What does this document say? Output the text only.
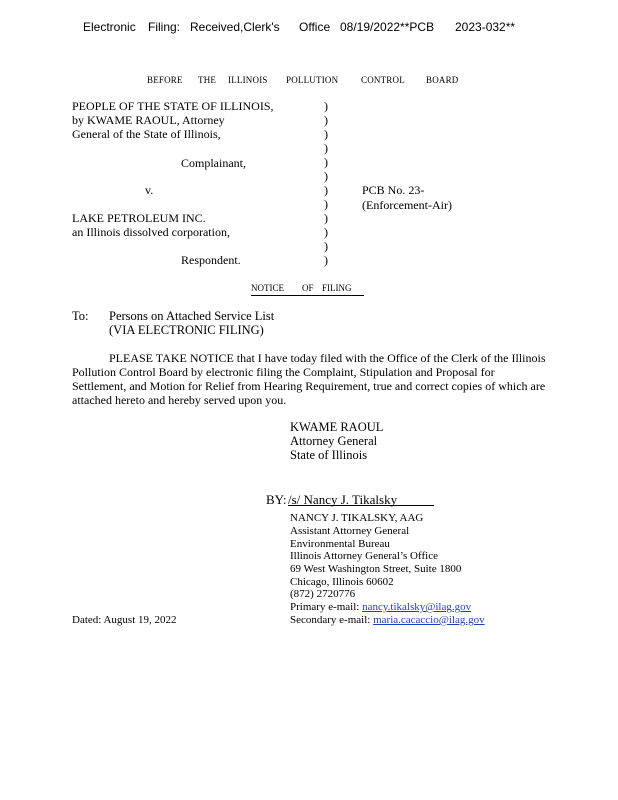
Electronic Filing: Received,Clerk's Office 08/19/2022**PCB 2023-032**
BEFORE THE ILLINOIS POLLUTION	CONTROL BOARD
PEOPLE OF THE STATE OF ILLINOIS,
by KWAME RAOUL, Attorney
General of the State of Illinois,
Complainant,
v.
LAKE PETROLEUM INC.
an Illinois dissolved corporation,
Respondent.
)
)
)
)
)
)
)
)
)
)
)
)
PCB No. 23-
(Enforcement-Air)
NOTICE OF FILING
To: Persons on Attached Service List
(VIA ELECTRONIC FILING)
PLEASE TAKE NOTICE that I have today filed with the Office of the Clerk of the Illinois
Pollution Control Board by electronic filing the Complaint, Stipulation and Proposal for
Settlement, and Motion for Relief from Hearing Requirement, true and correct copies of which are
attached hereto and hereby served upon you.
KWAME RAOUL
Attorney General
State of Illinois
BY: /s/ Nancy J. Tikalsky
NANCY J. TIKALSKY, AAG
Assistant Attorney General
Environmental Bureau
Illinois Attorney General’s Office
69 West Washington Street, Suite 1800
Chicago, Illinois 60602
(872) 2720776
Primary e-mail: nancy.tikalsky@ilag.gov
Secondary e-mail: maria.cacaccio@ilag.gov
Dated: August 19, 2022
